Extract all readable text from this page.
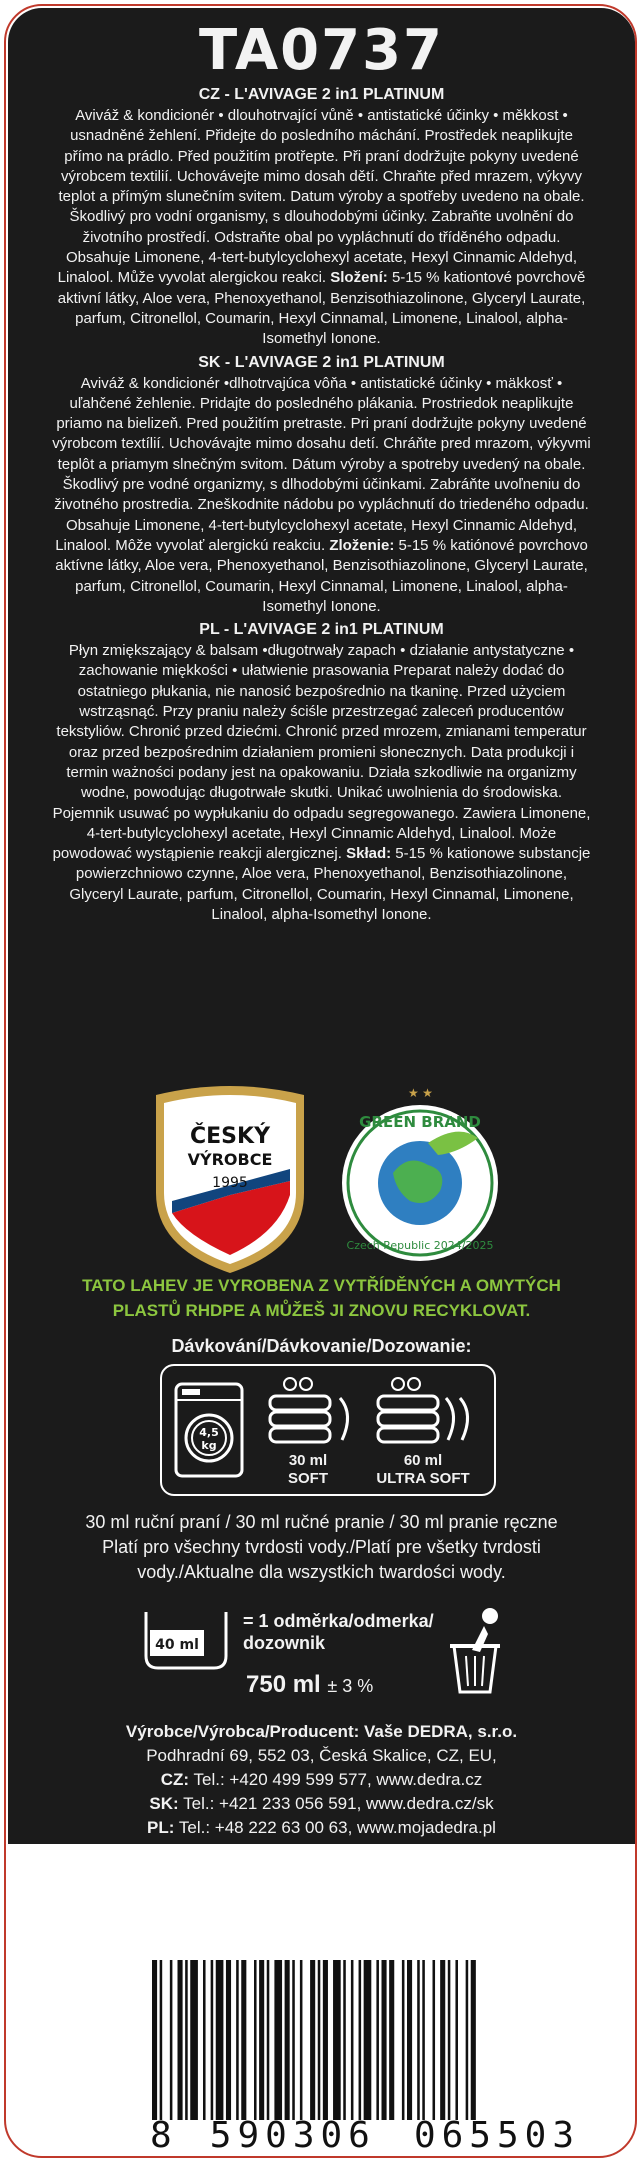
TA0737
CZ - L'AVIVAGE 2 in1 PLATINUM

Aviváž & kondicionér • dlouhotrvající vůně • antistatické účinky • měkkost • usnadněné žehlení. Přidejte do posledního máchání. Prostředek neaplikujte přímo na prádlo. Před použitím protřepte. Při praní dodržujte pokyny uvedené výrobcem textilií. Uchovávejte mimo dosah dětí. Chraňte před mrazem, výkyvy teplot a přímým slunečním svitem. Datum výroby a spotřeby uvedeno na obale. Škodlivý pro vodní organismy, s dlouhodobými účinky. Zabraňte uvolnění do životního prostředí. Odstraňte obal po vypláchnutí do tříděného odpadu. Obsahuje Limonene, 4-tert-butylcyclohexyl acetate, Hexyl Cinnamic Aldehyd, Linalool. Může vyvolat alergickou reakci. Složení: 5-15 % kationtové povrchově aktivní látky, Aloe vera, Phenoxyethanol, Benzisothiazolinone, Glyceryl Laurate, parfum, Citronellol, Coumarin, Hexyl Cinnamal, Limonene, Linalool, alpha-Isomethyl Ionone.

SK - L'AVIVAGE 2 in1 PLATINUM

Aviváž & kondicionér •dlhotrvajúca vôňa • antistatické účinky • mäkkosť • uľahčené žehlenie. Pridajte do posledného plákania. Prostriedok neaplikujte priamo na bielizeň. Pred použitím pretraste. Pri praní dodržujte pokyny uvedené výrobcom textílií. Uchovávajte mimo dosahu detí. Chráňte pred mrazom, výkyvmi teplôt a priamym slnečným svitom. Dátum výroby a spotreby uvedený na obale. Škodlivý pre vodné organizmy, s dlhodobými účinkami. Zabráňte uvoľneniu do životného prostredia. Zneškodnite nádobu po vypláchnutí do triedeného odpadu. Obsahuje Limonene, 4-tert-butylcyclohexyl acetate, Hexyl Cinnamic Aldehyd, Linalool. Môže vyvolať alergickú reakciu. Zloženie: 5-15 % katiónové povrchovo aktívne látky, Aloe vera, Phenoxyethanol, Benzisothiazolinone, Glyceryl Laurate, parfum, Citronellol, Coumarin, Hexyl Cinnamal, Limonene, Linalool, alpha-Isomethyl Ionone.

PL - L'AVIVAGE 2 in1 PLATINUM

Płyn zmiększający & balsam •długotrwały zapach • działanie antystatyczne • zachowanie miękkości • ułatwienie prasowania Preparat należy dodać do ostatniego płukania, nie nanosić bezpośrednio na tkaninę. Przed użyciem wstrząsnąć. Przy praniu należy ściśle przestrzegać zaleceń producentów tekstyliów. Chronić przed dziećmi. Chronić przed mrozem, zmianami temperatur oraz przed bezpośrednim działaniem promieni słonecznych. Data produkcji i termin ważności podany jest na opakowaniu. Działa szkodliwie na organizmy wodne, powodując długotrwałe skutki. Unikać uwolnienia do środowiska. Pojemnik usuwać po wypłukaniu do odpadu segregowanego. Zawiera Limonene, 4-tert-butylcyclohexyl acetate, Hexyl Cinnamic Aldehyd, Linalool. Może powodować wystąpienie reakcji alergicznej. Skład: 5-15 % kationowe substancje powierzchniowo czynne, Aloe vera, Phenoxyethanol, Benzisothiazolinone, Glyceryl Laurate, parfum, Citronellol, Coumarin, Hexyl Cinnamal, Limonene, Linalool, alpha-Isomethyl Ionone.

ČESKÝ
VÝROBCE
1995
★ ★
GREEN BRAND
Czech Republic 2024/2025
TATO LAHEV JE VYROBENA Z VYTŘÍDĚNÝCH A OMYTÝCH
PLASTŮ RHDPE A MŮŽEŠ JI ZNOVU RECYKLOVAT.
Dávkování/Dávkovanie/Dozowanie:
4,5
kg
30 ml
SOFT
60 ml
ULTRA SOFT
30 ml ruční praní / 30 ml ručné pranie / 30 ml pranie ręczne
Platí pro všechny tvrdosti vody./Platí pre všetky tvrdosti
vody./Aktualne dla wszystkich twardości wody.
40 ml
= 1 odměrka/odmerka/
dozownik
750 ml ± 3 %
Výrobce/Výrobca/Producent: Vaše DEDRA, s.r.o.
Podhradní 69, 552 03, Česká Skalice, CZ, EU,
CZ: Tel.: +420 499 599 577, www.dedra.cz
SK: Tel.: +421 233 056 591, www.dedra.cz/sk
PL: Tel.: +48 222 63 00 63, www.mojadedra.pl
8 590306 065503
